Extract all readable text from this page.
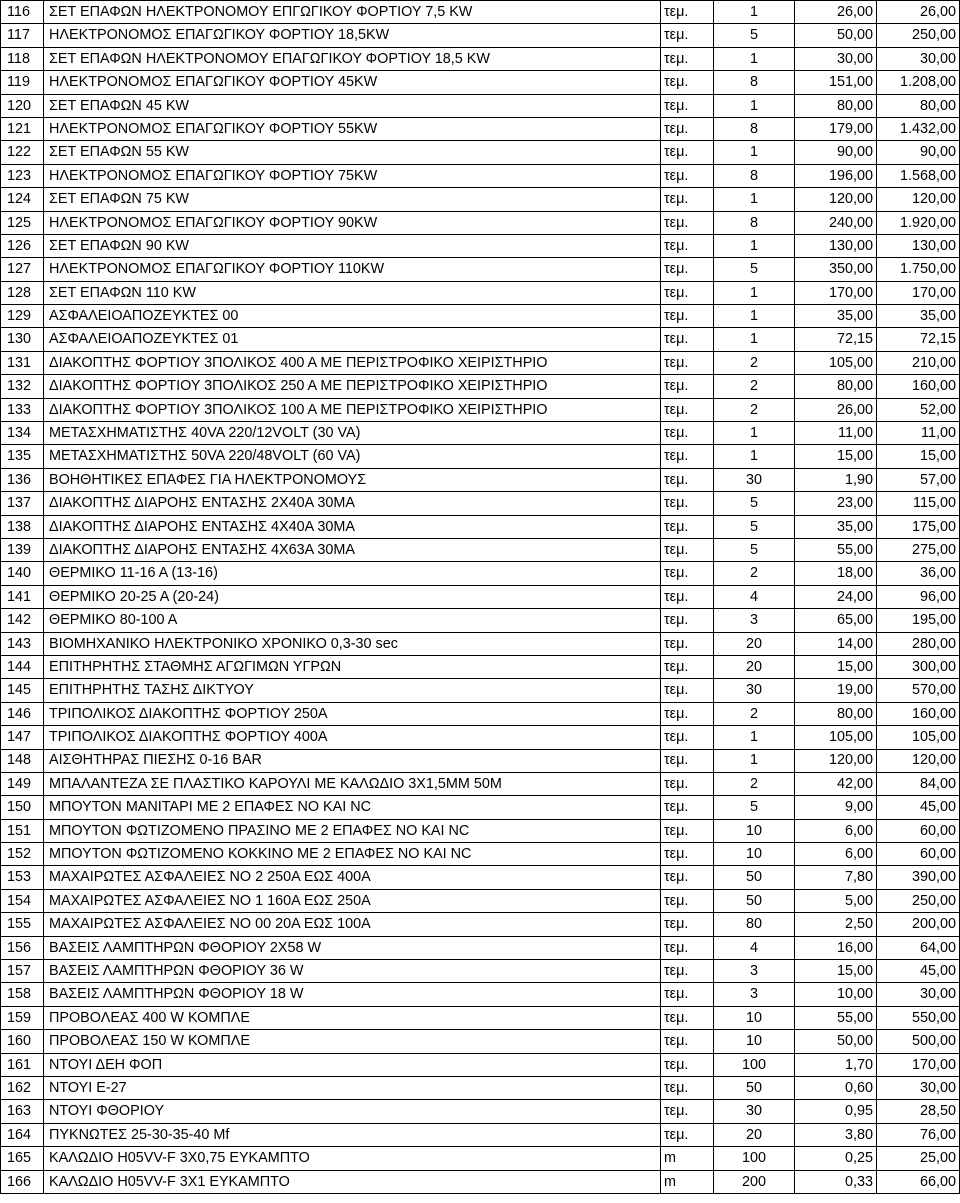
116	ΣΕΤ ΕΠΑΦΩΝ ΗΛΕΚΤΡΟΝΟΜΟΥ ΕΠΓΩΓΙΚΟΥ ΦΟΡΤΙΟΥ 7,5 KW	τεμ.	1	26,00	26,00
117	ΗΛΕΚΤΡΟΝΟΜΟΣ ΕΠΑΓΩΓΙΚΟΥ ΦΟΡΤΙΟΥ 18,5KW	τεμ.	5	50,00	250,00
118	ΣΕΤ ΕΠΑΦΩΝ ΗΛΕΚΤΡΟΝΟΜΟΥ ΕΠΑΓΩΓΙΚΟΥ ΦΟΡΤΙΟΥ 18,5 KW	τεμ.	1	30,00	30,00
119	ΗΛΕΚΤΡΟΝΟΜΟΣ ΕΠΑΓΩΓΙΚΟΥ ΦΟΡΤΙΟΥ 45KW	τεμ.	8	151,00	1.208,00
120	ΣΕΤ ΕΠΑΦΩΝ 45 KW	τεμ.	1	80,00	80,00
121	ΗΛΕΚΤΡΟΝΟΜΟΣ ΕΠΑΓΩΓΙΚΟΥ ΦΟΡΤΙΟΥ 55KW	τεμ.	8	179,00	1.432,00
122	ΣΕΤ ΕΠΑΦΩΝ 55 KW	τεμ.	1	90,00	90,00
123	ΗΛΕΚΤΡΟΝΟΜΟΣ ΕΠΑΓΩΓΙΚΟΥ ΦΟΡΤΙΟΥ 75KW	τεμ.	8	196,00	1.568,00
124	ΣΕΤ ΕΠΑΦΩΝ 75 KW	τεμ.	1	120,00	120,00
125	ΗΛΕΚΤΡΟΝΟΜΟΣ ΕΠΑΓΩΓΙΚΟΥ ΦΟΡΤΙΟΥ 90KW	τεμ.	8	240,00	1.920,00
126	ΣΕΤ ΕΠΑΦΩΝ 90 KW	τεμ.	1	130,00	130,00
127	ΗΛΕΚΤΡΟΝΟΜΟΣ ΕΠΑΓΩΓΙΚΟΥ ΦΟΡΤΙΟΥ 110KW	τεμ.	5	350,00	1.750,00
128	ΣΕΤ ΕΠΑΦΩΝ 110 KW	τεμ.	1	170,00	170,00
129	ΑΣΦΑΛΕΙΟΑΠΟΖΕΥΚΤΕΣ 00	τεμ.	1	35,00	35,00
130	ΑΣΦΑΛΕΙΟΑΠΟΖΕΥΚΤΕΣ 01	τεμ.	1	72,15	72,15
131	ΔΙΑΚΟΠΤΗΣ ΦΟΡΤΙΟΥ 3ΠΟΛΙΚΟΣ 400 Α ΜΕ ΠΕΡΙΣΤΡΟΦΙΚΟ ΧΕΙΡΙΣΤΗΡΙΟ	τεμ.	2	105,00	210,00
132	ΔΙΑΚΟΠΤΗΣ ΦΟΡΤΙΟΥ 3ΠΟΛΙΚΟΣ 250 Α ΜΕ ΠΕΡΙΣΤΡΟΦΙΚΟ ΧΕΙΡΙΣΤΗΡΙΟ	τεμ.	2	80,00	160,00
133	ΔΙΑΚΟΠΤΗΣ ΦΟΡΤΙΟΥ 3ΠΟΛΙΚΟΣ 100 Α ΜΕ ΠΕΡΙΣΤΡΟΦΙΚΟ ΧΕΙΡΙΣΤΗΡΙΟ	τεμ.	2	26,00	52,00
134	ΜΕΤΑΣΧΗΜΑΤΙΣΤΗΣ 40VA 220/12VOLT (30 VA)	τεμ.	1	11,00	11,00
135	ΜΕΤΑΣΧΗΜΑΤΙΣΤΗΣ 50VA 220/48VOLT (60 VA)	τεμ.	1	15,00	15,00
136	ΒΟΗΘΗΤΙΚΕΣ ΕΠΑΦΕΣ ΓΙΑ ΗΛΕΚΤΡΟΝΟΜΟΥΣ	τεμ.	30	1,90	57,00
137	ΔΙΑΚΟΠΤΗΣ ΔΙΑΡΟΗΣ ΕΝΤΑΣΗΣ 2Χ40Α 30ΜΑ	τεμ.	5	23,00	115,00
138	ΔΙΑΚΟΠΤΗΣ ΔΙΑΡΟΗΣ ΕΝΤΑΣΗΣ 4Χ40Α 30ΜΑ	τεμ.	5	35,00	175,00
139	ΔΙΑΚΟΠΤΗΣ ΔΙΑΡΟΗΣ ΕΝΤΑΣΗΣ 4Χ63Α 30ΜΑ	τεμ.	5	55,00	275,00
140	ΘΕΡΜΙΚΟ 11-16 Α (13-16)	τεμ.	2	18,00	36,00
141	ΘΕΡΜΙΚΟ 20-25 Α (20-24)	τεμ.	4	24,00	96,00
142	ΘΕΡΜΙΚΟ 80-100 Α	τεμ.	3	65,00	195,00
143	ΒΙΟΜΗΧΑΝΙΚΟ ΗΛΕΚΤΡΟΝΙΚΟ ΧΡΟΝΙΚΟ 0,3-30 sec	τεμ.	20	14,00	280,00
144	ΕΠΙΤΗΡΗΤΗΣ ΣΤΑΘΜΗΣ ΑΓΩΓΙΜΩΝ ΥΓΡΩΝ	τεμ.	20	15,00	300,00
145	ΕΠΙΤΗΡΗΤΗΣ ΤΑΣΗΣ ΔΙΚΤΥΟΥ	τεμ.	30	19,00	570,00
146	ΤΡΙΠΟΛΙΚΟΣ ΔΙΑΚΟΠΤΗΣ ΦΟΡΤΙΟΥ 250Α	τεμ.	2	80,00	160,00
147	ΤΡΙΠΟΛΙΚΟΣ ΔΙΑΚΟΠΤΗΣ ΦΟΡΤΙΟΥ 400Α	τεμ.	1	105,00	105,00
148	ΑΙΣΘΗΤΗΡΑΣ ΠΙΕΣΗΣ 0-16 BAR	τεμ.	1	120,00	120,00
149	ΜΠΑΛΑΝΤΕΖΑ ΣΕ ΠΛΑΣΤΙΚΟ ΚΑΡΟΥΛΙ ΜΕ ΚΑΛΩΔΙΟ 3Χ1,5ΜΜ 50Μ	τεμ.	2	42,00	84,00
150	ΜΠΟΥΤΟΝ ΜΑΝΙΤΑΡΙ ΜΕ 2 ΕΠΑΦΕΣ ΝΟ ΚΑΙ NC	τεμ.	5	9,00	45,00
151	ΜΠΟΥΤΟΝ ΦΩΤΙΖΟΜΕΝΟ ΠΡΑΣΙΝΟ ΜΕ 2 ΕΠΑΦΕΣ ΝΟ ΚΑΙ NC	τεμ.	10	6,00	60,00
152	ΜΠΟΥΤΟΝ ΦΩΤΙΖΟΜΕΝΟ ΚΟΚΚΙΝΟ ΜΕ 2 ΕΠΑΦΕΣ ΝΟ ΚΑΙ NC	τεμ.	10	6,00	60,00
153	ΜΑΧΑΙΡΩΤΕΣ ΑΣΦΑΛΕΙΕΣ ΝΟ 2 250Α ΕΩΣ 400Α	τεμ.	50	7,80	390,00
154	ΜΑΧΑΙΡΩΤΕΣ ΑΣΦΑΛΕΙΕΣ ΝΟ 1 160Α ΕΩΣ 250Α	τεμ.	50	5,00	250,00
155	ΜΑΧΑΙΡΩΤΕΣ ΑΣΦΑΛΕΙΕΣ ΝΟ 00 20Α ΕΩΣ 100Α	τεμ.	80	2,50	200,00
156	ΒΑΣΕΙΣ ΛΑΜΠΤΗΡΩΝ ΦΘΟΡΙΟΥ 2Χ58 W	τεμ.	4	16,00	64,00
157	ΒΑΣΕΙΣ ΛΑΜΠΤΗΡΩΝ ΦΘΟΡΙΟΥ 36 W	τεμ.	3	15,00	45,00
158	ΒΑΣΕΙΣ ΛΑΜΠΤΗΡΩΝ ΦΘΟΡΙΟΥ 18 W	τεμ.	3	10,00	30,00
159	ΠΡΟΒΟΛΕΑΣ 400 W ΚΟΜΠΛΕ	τεμ.	10	55,00	550,00
160	ΠΡΟΒΟΛΕΑΣ 150 W ΚΟΜΠΛΕ	τεμ.	10	50,00	500,00
161	ΝΤΟΥΙ ΔΕΗ ΦΟΠ	τεμ.	100	1,70	170,00
162	ΝΤΟΥΙ Ε-27	τεμ.	50	0,60	30,00
163	ΝΤΟΥΙ ΦΘΟΡΙΟΥ	τεμ.	30	0,95	28,50
164	ΠΥΚΝΩΤΕΣ 25-30-35-40 Mf	τεμ.	20	3,80	76,00
165	ΚΑΛΩΔΙΟ H05VV-F 3Χ0,75 ΕΥΚΑΜΠΤΟ	m	100	0,25	25,00
166	ΚΑΛΩΔΙΟ H05VV-F 3Χ1 ΕΥΚΑΜΠΤΟ	m	200	0,33	66,00
